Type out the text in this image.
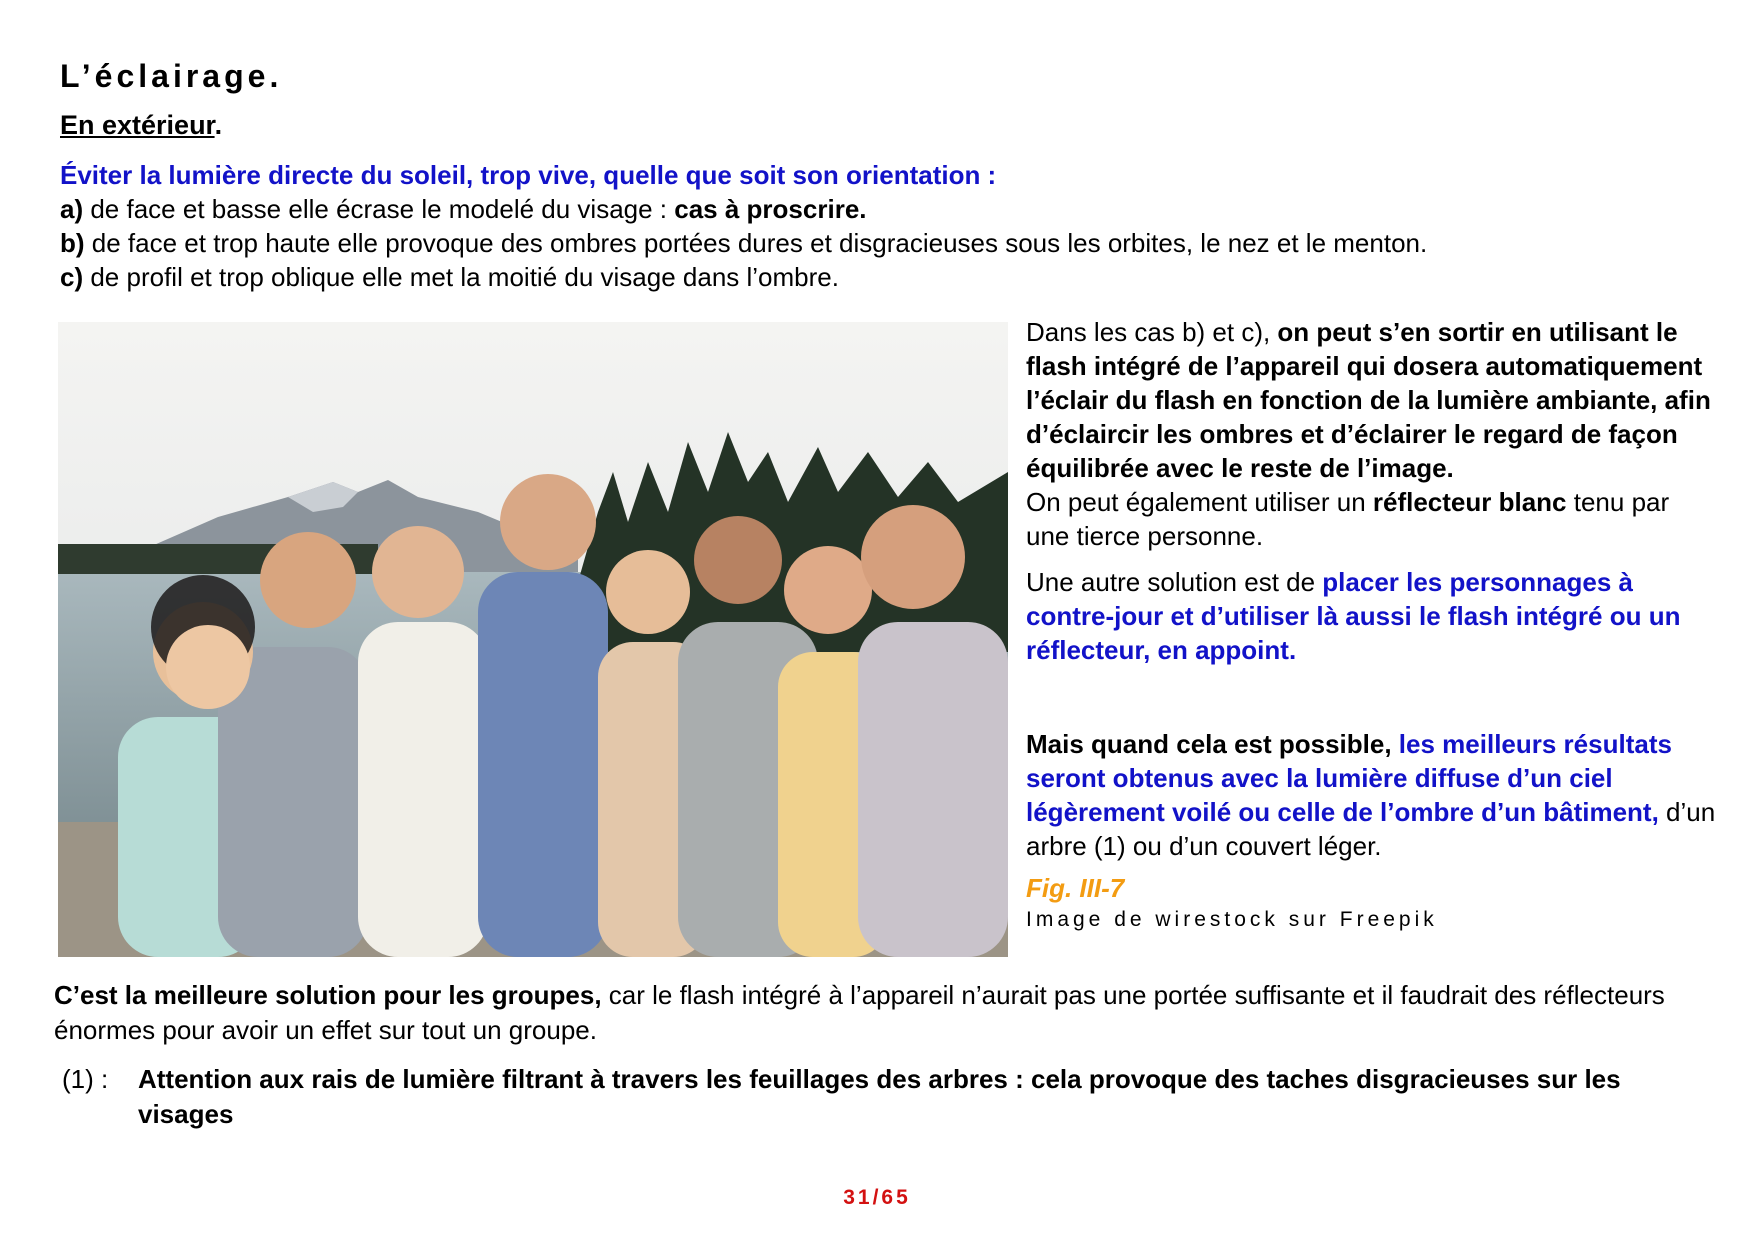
L’éclairage.
En extérieur.
Éviter la lumière directe du soleil, trop vive, quelle que soit son orientation :
a) de face et basse elle écrase le modelé du visage : cas à proscrire.
b) de face et trop haute elle provoque des ombres portées dures et disgracieuses sous les orbites, le nez et le menton.
c) de profil et trop oblique elle met la moitié du visage dans l’ombre.

Dans les cas b) et c), on peut s’en sortir en utilisant le flash intégré de l’appareil qui dosera automatiquement l’éclair du flash en fonction de la lumière ambiante, afin d’éclaircir les ombres et d’éclairer le regard de façon équilibrée avec le reste de l’image.

On peut également utiliser un réflecteur blanc tenu par une tierce personne.

Une autre solution est de placer les personnages à contre-jour et d’utiliser là aussi le flash intégré ou un réflecteur, en appoint.

Mais quand cela est possible, les meilleurs résultats seront obtenus avec la lumière diffuse d’un ciel légèrement voilé ou celle de l’ombre d’un bâtiment, d’un arbre (1) ou d’un couvert léger.

Fig. III-7
Image de wirestock sur Freepik
C’est la meilleure solution pour les groupes, car le flash intégré à l’appareil n’aurait pas une portée suffisante et il faudrait des réflecteurs énormes pour avoir un effet sur tout un groupe.
(1) :	Attention aux rais de lumière filtrant à travers les feuillages des arbres : cela provoque des taches disgracieuses sur les visages
31/65
